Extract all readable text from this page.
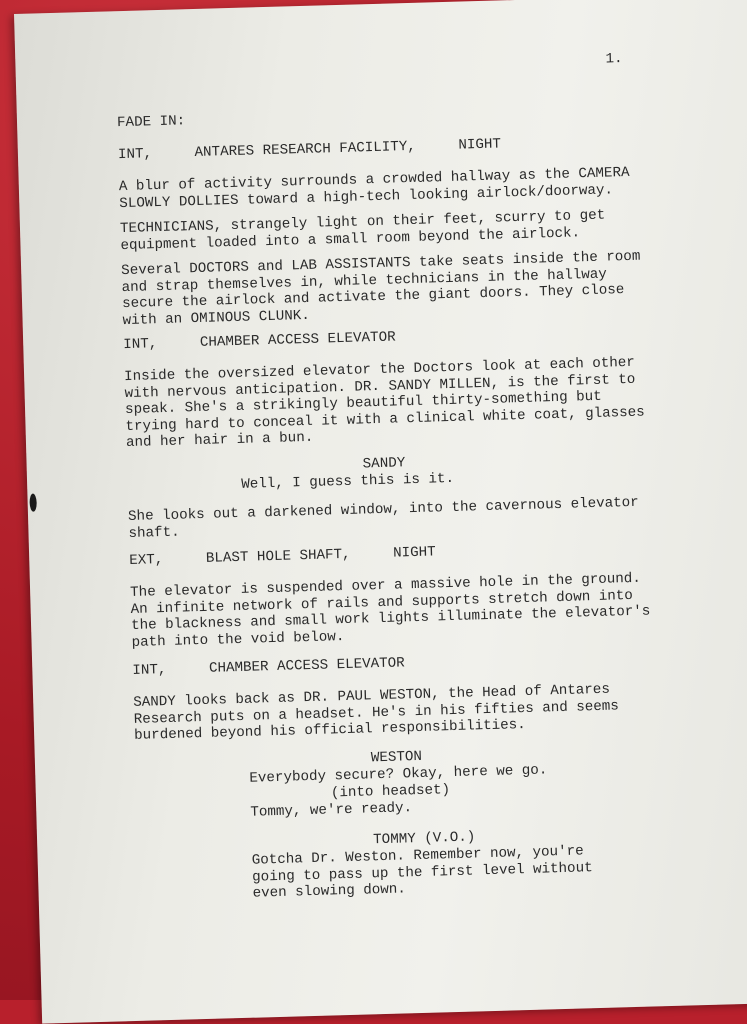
1.
FADE IN:
INT,     ANTARES RESEARCH FACILITY,     NIGHT
A blur of activity surrounds a crowded hallway as the CAMERA
SLOWLY DOLLIES toward a high-tech looking airlock/doorway.
TECHNICIANS, strangely light on their feet, scurry to get
equipment loaded into a small room beyond the airlock.
Several DOCTORS and LAB ASSISTANTS take seats inside the room
and strap themselves in, while technicians in the hallway
secure the airlock and activate the giant doors. They close
with an OMINOUS CLUNK.
INT,     CHAMBER ACCESS ELEVATOR
Inside the oversized elevator the Doctors look at each other
with nervous anticipation. DR. SANDY MILLEN, is the first to
speak. She's a strikingly beautiful thirty-something but
trying hard to conceal it with a clinical white coat, glasses
and her hair in a bun.
SANDY
Well, I guess this is it.
She looks out a darkened window, into the cavernous elevator
shaft.
EXT,     BLAST HOLE SHAFT,     NIGHT
The elevator is suspended over a massive hole in the ground.
An infinite network of rails and supports stretch down into
the blackness and small work lights illuminate the elevator's
path into the void below.
INT,     CHAMBER ACCESS ELEVATOR
SANDY looks back as DR. PAUL WESTON, the Head of Antares
Research puts on a headset. He's in his fifties and seems
burdened beyond his official responsibilities.
WESTON
Everybody secure? Okay, here we go.
(into headset)
Tommy, we're ready.
TOMMY (V.O.)
Gotcha Dr. Weston. Remember now, you're
going to pass up the first level without
even slowing down.
